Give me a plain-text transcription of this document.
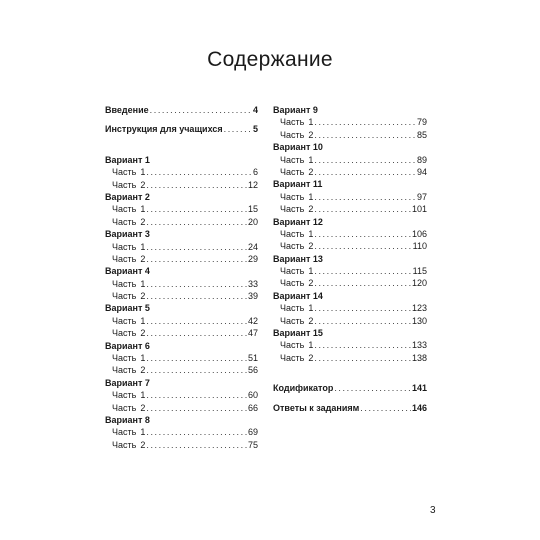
Содержание
Введение .....	4
Инструкция для учащихся .....	5
Вариант 1
Часть 1 .....	6
Часть 2 .....	12
Вариант 2
Часть 1 .....	15
Часть 2 .....	20
Вариант 3
Часть 1 .....	24
Часть 2 .....	29
Вариант 4
Часть 1 .....	33
Часть 2 .....	39
Вариант 5
Часть 1 .....	42
Часть 2 .....	47
Вариант 6
Часть 1 .....	51
Часть 2 .....	56
Вариант 7
Часть 1 .....	60
Часть 2 .....	66
Вариант 8
Часть 1 .....	69
Часть 2 .....	75
Вариант 9
Часть 1 .....	79
Часть 2 .....	85
Вариант 10
Часть 1 .....	89
Часть 2 .....	94
Вариант 11
Часть 1 .....	97
Часть 2 .....	101
Вариант 12
Часть 1 .....	106
Часть 2 .....	110
Вариант 13
Часть 1 .....	115
Часть 2 .....	120
Вариант 14
Часть 1 .....	123
Часть 2 .....	130
Вариант 15
Часть 1 .....	133
Часть 2 .....	138
Кодификатор .....	141
Ответы к заданиям .....	146
3
